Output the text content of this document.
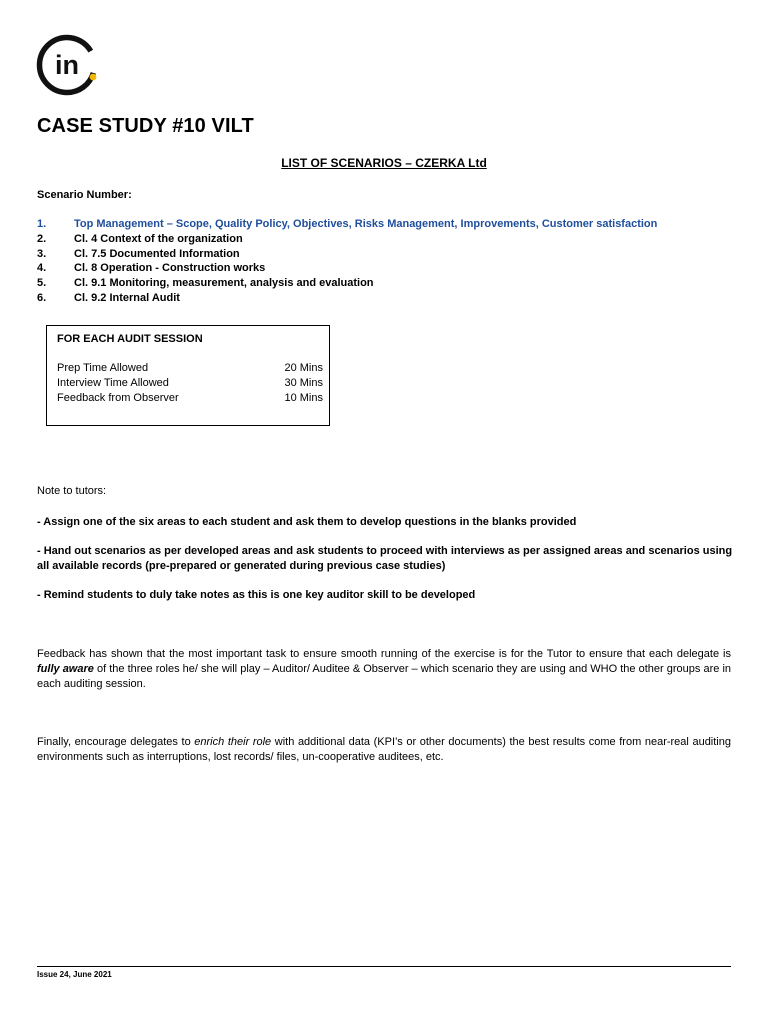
in
CASE STUDY #10 VILT
LIST OF SCENARIOS – CZERKA Ltd
Scenario Number:
1.	Top Management – Scope, Quality Policy, Objectives, Risks Management, Improvements, Customer satisfaction
2.	Cl. 4 Context of the organization
3.	Cl. 7.5 Documented Information
4.	Cl. 8 Operation - Construction works
5.	Cl. 9.1 Monitoring, measurement, analysis and evaluation
6.	Cl. 9.2 Internal Audit
FOR EACH AUDIT SESSION
Prep Time Allowed	20 Mins
Interview Time Allowed	30 Mins
Feedback from Observer	10 Mins
Note to tutors:
- Assign one of the six areas to each student and ask them to develop questions in the blanks provided
- Hand out scenarios as per developed areas and ask students to proceed with interviews as per assigned areas and scenarios using all available records (pre-prepared or generated during previous case studies)
- Remind students to duly take notes as this is one key auditor skill to be developed
Feedback has shown that the most important task to ensure smooth running of the exercise is for the Tutor to ensure that each delegate is fully aware of the three roles he/ she will play – Auditor/ Auditee & Observer – which scenario they are using and WHO the other groups are in each auditing session.
Finally, encourage delegates to enrich their role with additional data (KPI’s or other documents) the best results come from near-real auditing environments such as interruptions, lost records/ files, un-cooperative auditees, etc.
Issue 24, June 2021
